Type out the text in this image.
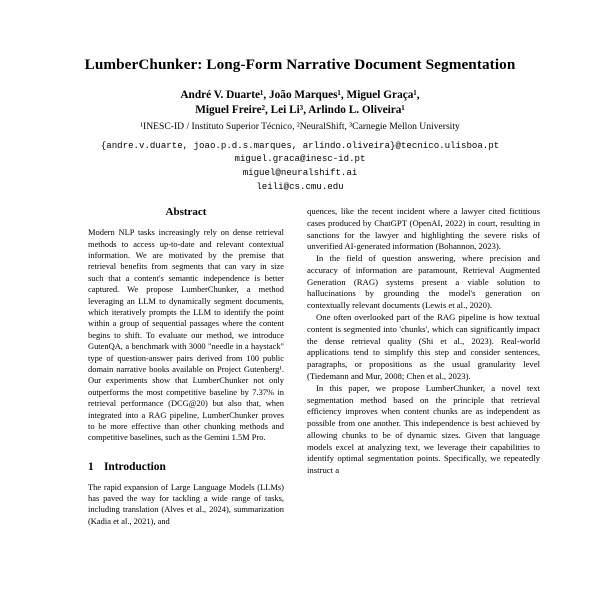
LumberChunker: Long-Form Narrative Document Segmentation
André V. Duarte¹, João Marques¹, Miguel Graça¹,
Miguel Freire², Lei Li³, Arlindo L. Oliveira¹
¹INESC-ID / Instituto Superior Técnico, ²NeuralShift, ³Carnegie Mellon University
{andre.v.duarte, joao.p.d.s.marques, arlindo.oliveira}@tecnico.ulisboa.pt
miguel.graca@inesc-id.pt
miguel@neuralshift.ai
leili@cs.cmu.edu
Abstract

Modern NLP tasks increasingly rely on dense retrieval methods to access up-to-date and relevant contextual information. We are motivated by the premise that retrieval benefits from segments that can vary in size such that a content's semantic independence is better captured. We propose LumberChunker, a method leveraging an LLM to dynamically segment documents, which iteratively prompts the LLM to identify the point within a group of sequential passages where the content begins to shift. To evaluate our method, we introduce GutenQA, a benchmark with 3000 "needle in a haystack" type of question-answer pairs derived from 100 public domain narrative books available on Project Gutenberg¹. Our experiments show that LumberChunker not only outperforms the most competitive baseline by 7.37% in retrieval performance (DCG@20) but also that, when integrated into a RAG pipeline, LumberChunker proves to be more effective than other chunking methods and competitive baselines, such as the Gemini 1.5M Pro.

1 Introduction

The rapid expansion of Large Language Models (LLMs) has paved the way for tackling a wide range of tasks, including translation (Alves et al., 2024), summarization (Kadia et al., 2021), and

quences, like the recent incident where a lawyer cited fictitious cases produced by ChatGPT (OpenAI, 2022) in court, resulting in sanctions for the lawyer and highlighting the severe risks of unverified AI-generated information (Bohannon, 2023).

In the field of question answering, where precision and accuracy of information are paramount, Retrieval Augmented Generation (RAG) systems present a viable solution to hallucinations by grounding the model's generation on contextually relevant documents (Lewis et al., 2020).

One often overlooked part of the RAG pipeline is how textual content is segmented into 'chunks', which can significantly impact the dense retrieval quality (Shi et al., 2023). Real-world applications tend to simplify this step and consider sentences, paragraphs, or propositions as the usual granularity level (Tiedemann and Mur, 2008; Chen et al., 2023).

In this paper, we propose LumberChunker, a novel text segmentation method based on the principle that retrieval efficiency improves when content chunks are as independent as possible from one another. This independence is best achieved by allowing chunks to be of dynamic sizes. Given that language models excel at analyzing text, we leverage their capabilities to identify optimal segmentation points. Specifically, we repeatedly instruct a
